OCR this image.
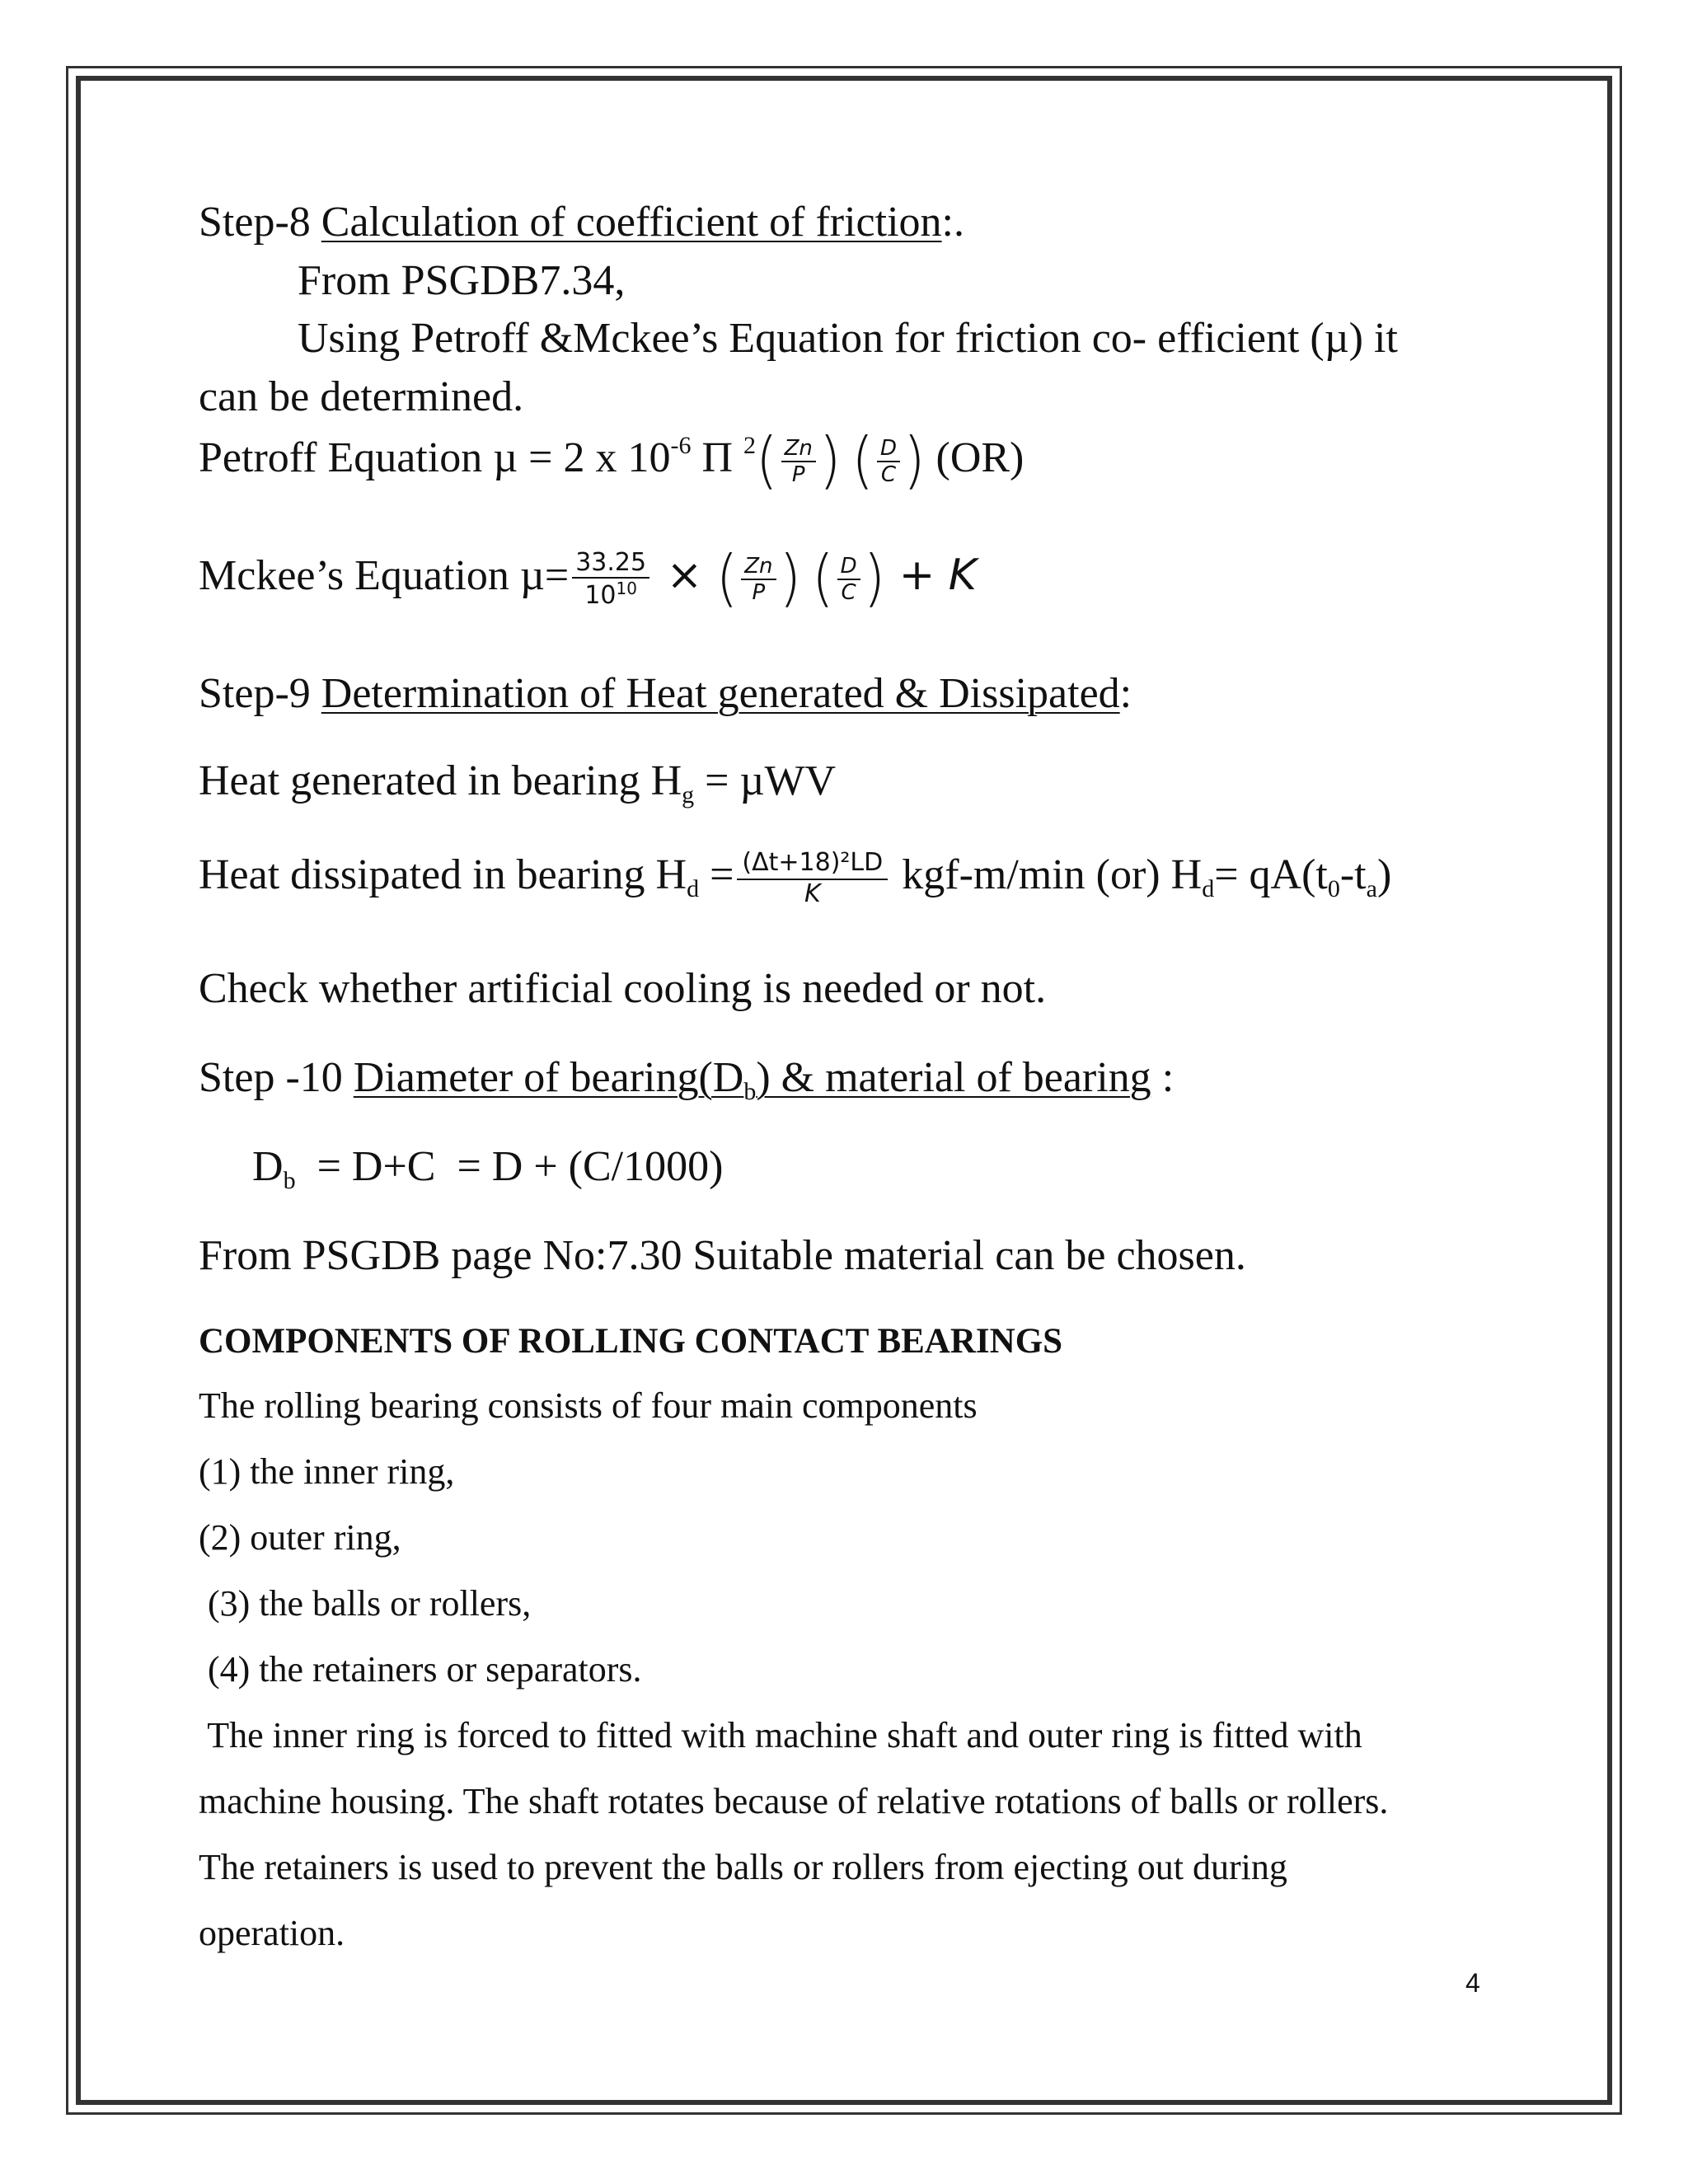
Step-8 Calculation of coefficient of friction:.
From PSGDB7.34,
Using Petroff &Mckee’s Equation for friction co- efficient (µ) it
can be determined.
Petroff Equation µ = 2 x $10^{-6}$ Π $^2( \frac{Zn}{P}$ ) ( $\frac{D}{C}$ ) (OR)
Mckee’s Equation $\mu= \frac{33.25}{10^{10}}$ × ( $\frac{Zn}{P}$ ) ( $\frac{D}{C}$ ) + K
Step-9 Determination of Heat generated & Dissipated:
Heat generated in bearing $H_g = \mu WV$
Heat dissipated in bearing $H_d = \frac{\text{(Δt+18)²LD}}{K} kgf-m/\min$ (or) $H_d= qA(t_0-t_a)$
Check whether artificial cooling is needed or not.
Step -10 Diameter of $bearing(D_b)$ & material of bearing :
$D_b = D+C = D + (C/1000)$
From PSGDB page No:7.30 Suitable material can be chosen.
COMPONENTS OF ROLLING CONTACT BEARINGS
The rolling bearing consists of four main components
(1) the inner ring,
(2) outer ring,
(3) the balls or rollers,
(4) the retainers or separators.
The inner ring is forced to fitted with machine shaft and outer ring is fitted with
machine housing. The shaft rotates because of relative rotations of balls or rollers.
The retainers is used to prevent the balls or rollers from ejecting out during
operation.
4
